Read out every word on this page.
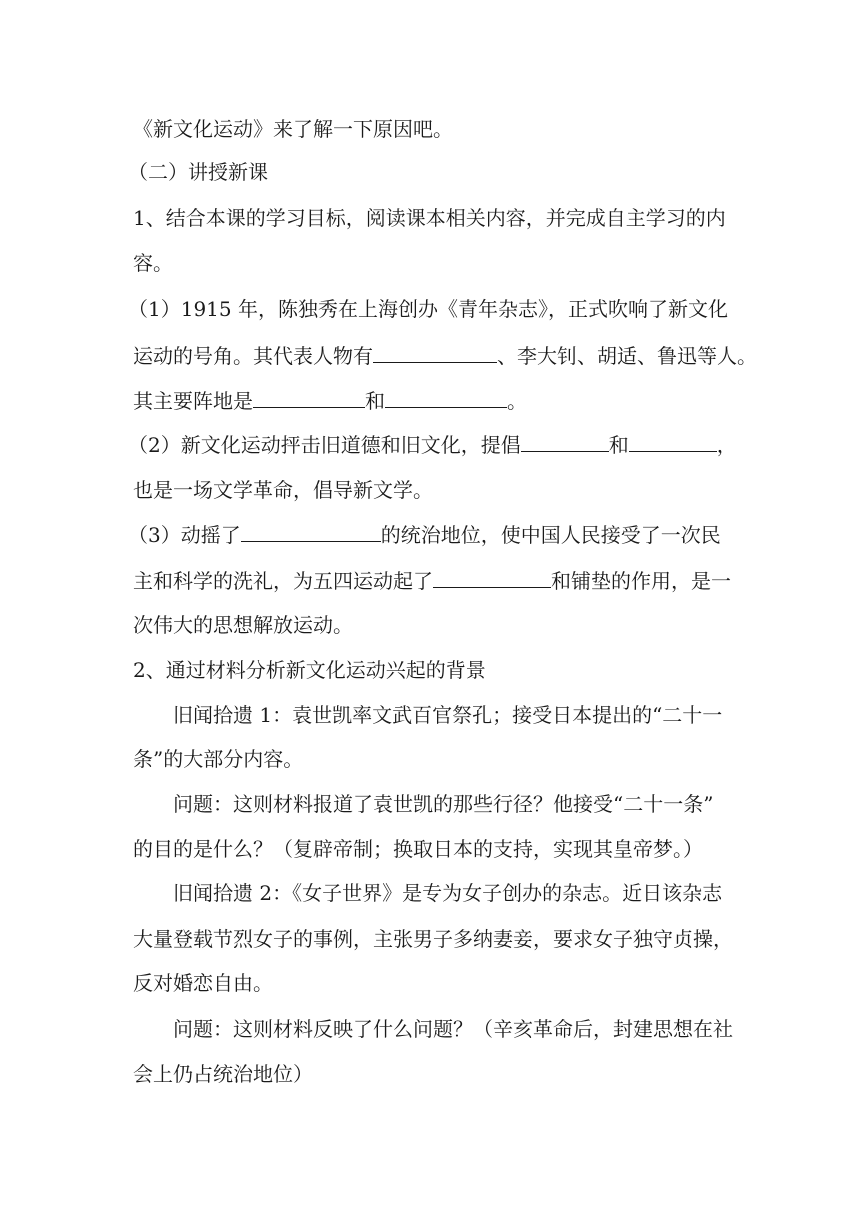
《新文化运动》来了解一下原因吧。
（二）讲授新课
1、结合本课的学习目标，阅读课本相关内容，并完成自主学习的内
容。
（1）1915 年，陈独秀在上海创办《青年杂志》，正式吹响了新文化
运动的号角。其代表人物有	、李大钊、胡适、鲁迅等人。
其主要阵地是	和	。
（2）新文化运动抨击旧道德和旧文化，提倡	和	，
也是一场文学革命，倡导新文学。
（3）动摇了	的统治地位，使中国人民接受了一次民
主和科学的洗礼，为五四运动起了	和铺垫的作用，是一
次伟大的思想解放运动。
2、通过材料分析新文化运动兴起的背景
旧闻拾遗 1：袁世凯率文武百官祭孔；接受日本提出的“二十一
条”的大部分内容。
问题：这则材料报道了袁世凯的那些行径？他接受“二十一条”
的目的是什么？（复辟帝制；换取日本的支持，实现其皇帝梦。）
旧闻拾遗 2：《女子世界》是专为女子创办的杂志。近日该杂志
大量登载节烈女子的事例，主张男子多纳妻妾，要求女子独守贞操，
反对婚恋自由。
问题：这则材料反映了什么问题？（辛亥革命后，封建思想在社
会上仍占统治地位）
